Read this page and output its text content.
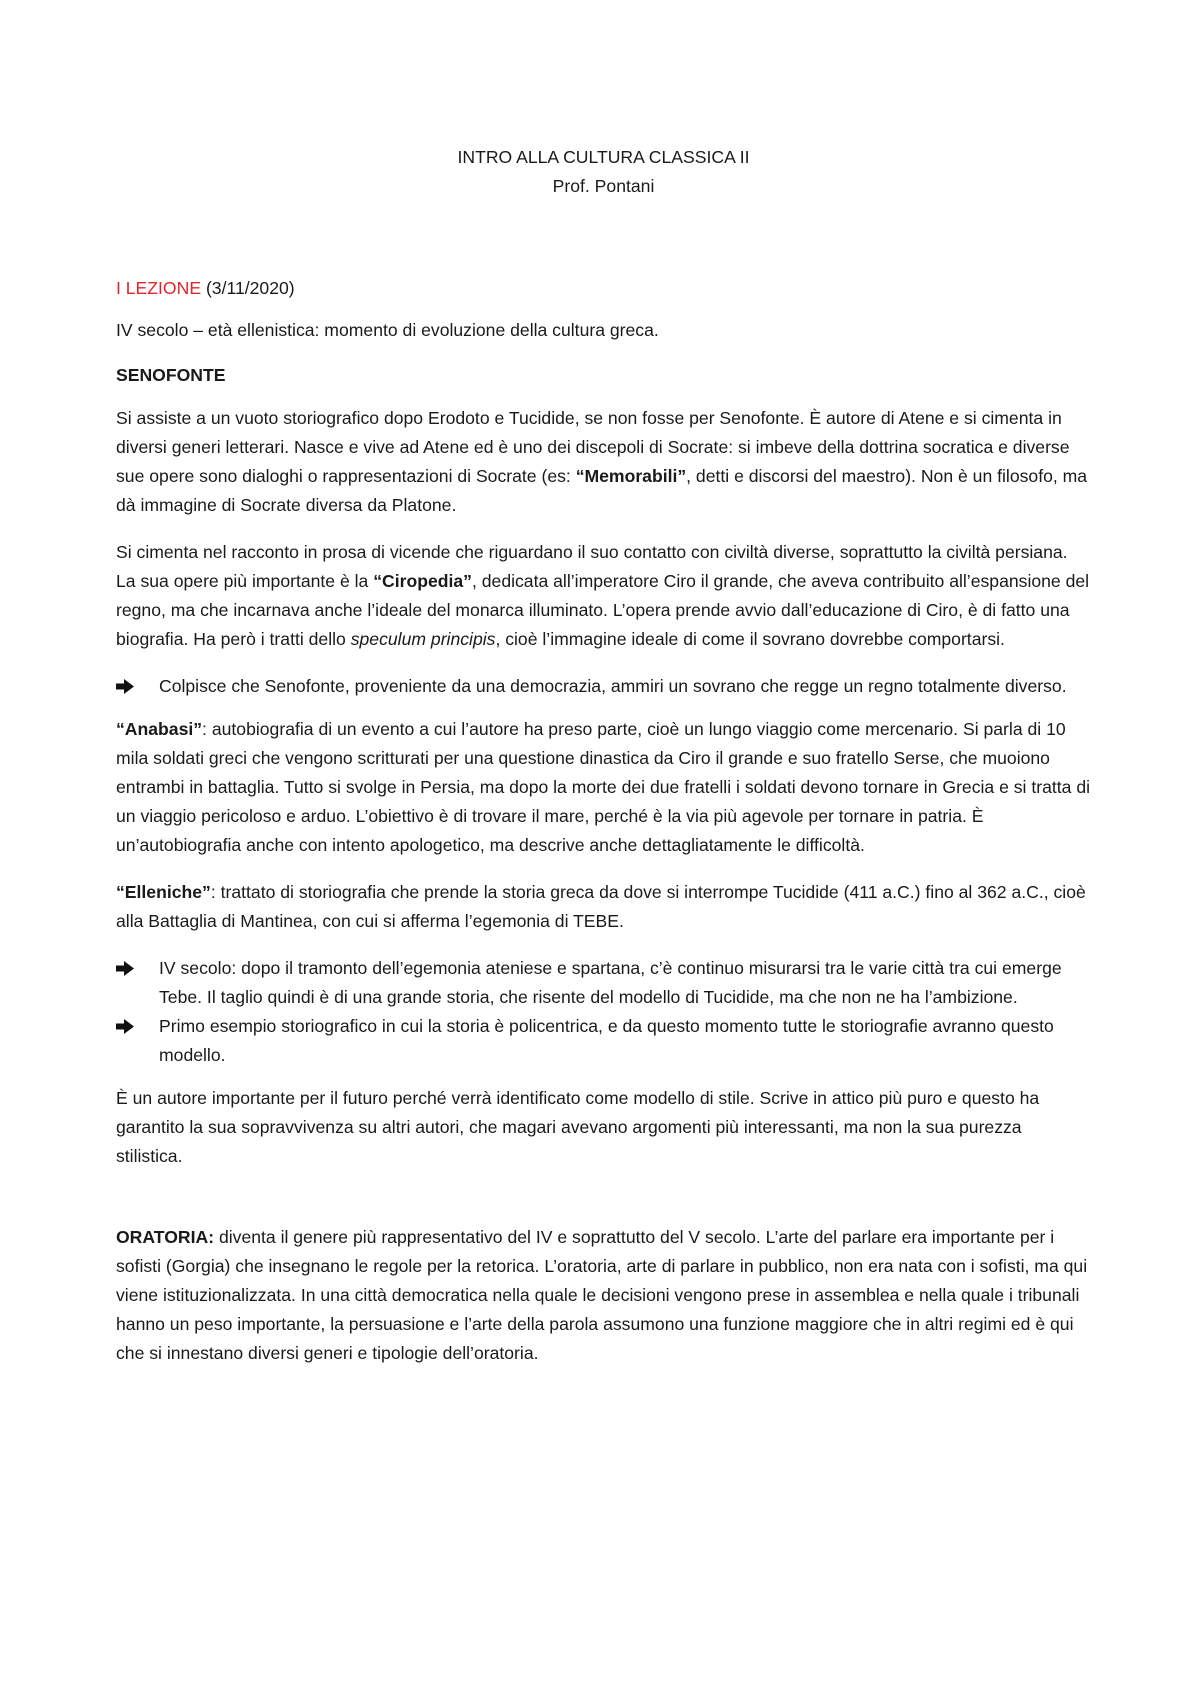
INTRO ALLA CULTURA CLASSICA II

Prof. Pontani

I LEZIONE (3/11/2020)

IV secolo – età ellenistica: momento di evoluzione della cultura greca.

SENOFONTE

Si assiste a un vuoto storiografico dopo Erodoto e Tucidide, se non fosse per Senofonte. È autore di Atene e si cimenta in diversi generi letterari. Nasce e vive ad Atene ed è uno dei discepoli di Socrate: si imbeve della dottrina socratica e diverse sue opere sono dialoghi o rappresentazioni di Socrate (es: “Memorabili”, detti e discorsi del maestro). Non è un filosofo, ma dà immagine di Socrate diversa da Platone.

Si cimenta nel racconto in prosa di vicende che riguardano il suo contatto con civiltà diverse, soprattutto la civiltà persiana. La sua opere più importante è la “Ciropedia”, dedicata all’imperatore Ciro il grande, che aveva contribuito all’espansione del regno, ma che incarnava anche l’ideale del monarca illuminato. L’opera prende avvio dall’educazione di Ciro, è di fatto una biografia. Ha però i tratti dello speculum principis, cioè l’immagine ideale di come il sovrano dovrebbe comportarsi.

Colpisce che Senofonte, proveniente da una democrazia, ammiri un sovrano che regge un regno totalmente diverso.

“Anabasi”: autobiografia di un evento a cui l’autore ha preso parte, cioè un lungo viaggio come mercenario. Si parla di 10 mila soldati greci che vengono scritturati per una questione dinastica da Ciro il grande e suo fratello Serse, che muoiono entrambi in battaglia. Tutto si svolge in Persia, ma dopo la morte dei due fratelli i soldati devono tornare in Grecia e si tratta di un viaggio pericoloso e arduo. L’obiettivo è di trovare il mare, perché è la via più agevole per tornare in patria. È un’autobiografia anche con intento apologetico, ma descrive anche dettagliatamente le difficoltà.

“Elleniche”: trattato di storiografia che prende la storia greca da dove si interrompe Tucidide (411 a.C.) fino al 362 a.C., cioè alla Battaglia di Mantinea, con cui si afferma l’egemonia di TEBE.

IV secolo: dopo il tramonto dell’egemonia ateniese e spartana, c’è continuo misurarsi tra le varie città tra cui emerge Tebe. Il taglio quindi è di una grande storia, che risente del modello di Tucidide, ma che non ne ha l’ambizione.
Primo esempio storiografico in cui la storia è policentrica, e da questo momento tutte le storiografie avranno questo modello.

È un autore importante per il futuro perché verrà identificato come modello di stile. Scrive in attico più puro e questo ha garantito la sua sopravvivenza su altri autori, che magari avevano argomenti più interessanti, ma non la sua purezza stilistica.

ORATORIA: diventa il genere più rappresentativo del IV e soprattutto del V secolo. L’arte del parlare era importante per i sofisti (Gorgia) che insegnano le regole per la retorica. L’oratoria, arte di parlare in pubblico, non era nata con i sofisti, ma qui viene istituzionalizzata. In una città democratica nella quale le decisioni vengono prese in assemblea e nella quale i tribunali hanno un peso importante, la persuasione e l’arte della parola assumono una funzione maggiore che in altri regimi ed è qui che si innestano diversi generi e tipologie dell’oratoria.
